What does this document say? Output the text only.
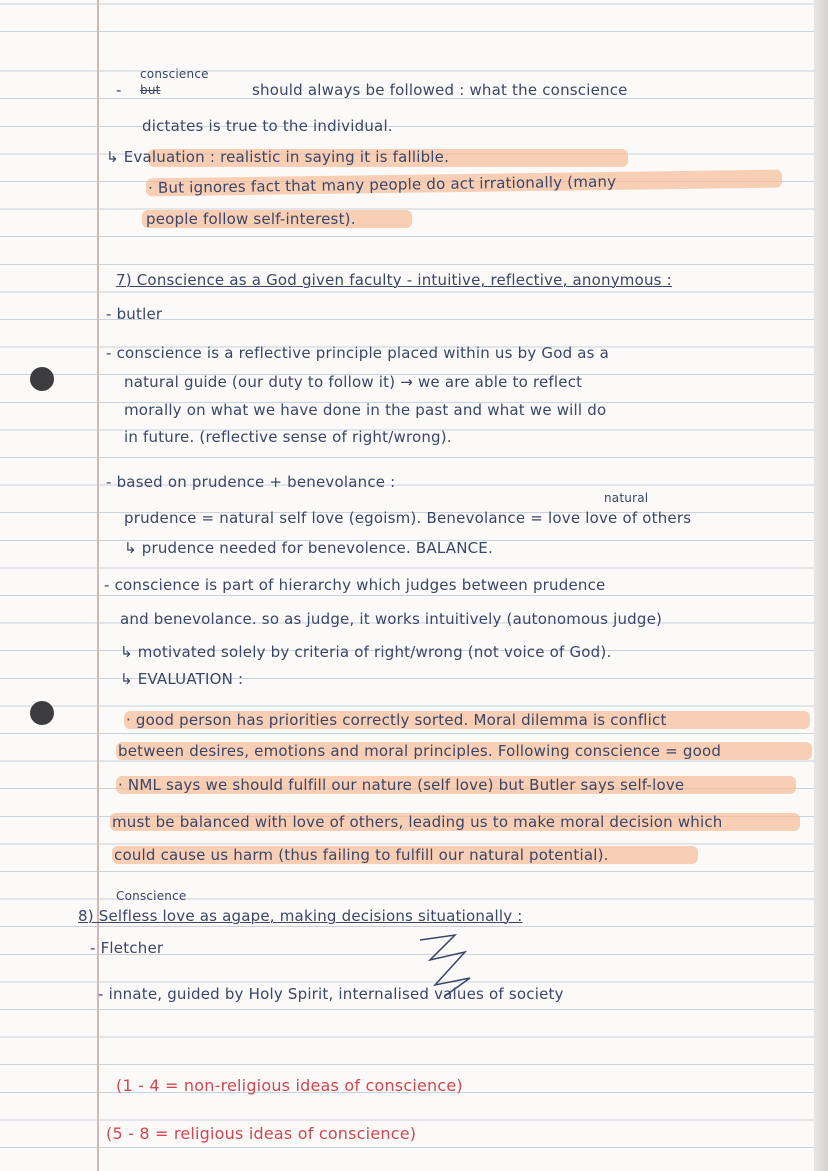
-
conscience
but	should always be followed : what the conscience
dictates is true to the individual.
↳ Evaluation : realistic in saying it is fallible.
· But ignores fact that many people do act irrationally (many
people follow self-interest).
7) Conscience as a God given faculty - intuitive, reflective, anonymous :
- butler
- conscience is a reflective principle placed within us by God as a
natural guide (our duty to follow it) → we are able to reflect
morally on what we have done in the past and what we will do
in future. (reflective sense of right/wrong).
- based on prudence + benevolance :
natural
prudence = natural self love (egoism). Benevolance = love love of others
↳ prudence needed for benevolence. BALANCE.
- conscience is part of hierarchy which judges between prudence
and benevolance. so as judge, it works intuitively (autonomous judge)
↳ motivated solely by criteria of right/wrong (not voice of God).
↳ EVALUATION :
· good person has priorities correctly sorted. Moral dilemma is conflict
between desires, emotions and moral principles. Following conscience = good
· NML says we should fulfill our nature (self love) but Butler says self-love
must be balanced with love of others, leading us to make moral decision which
could cause us harm (thus failing to fulfill our natural potential).
Conscience
8) Selfless love as agape, making decisions situationally :
- Fletcher
- innate, guided by Holy Spirit, internalised values of society
(1 - 4 = non-religious ideas of conscience)
(5 - 8 = religious ideas of conscience)
